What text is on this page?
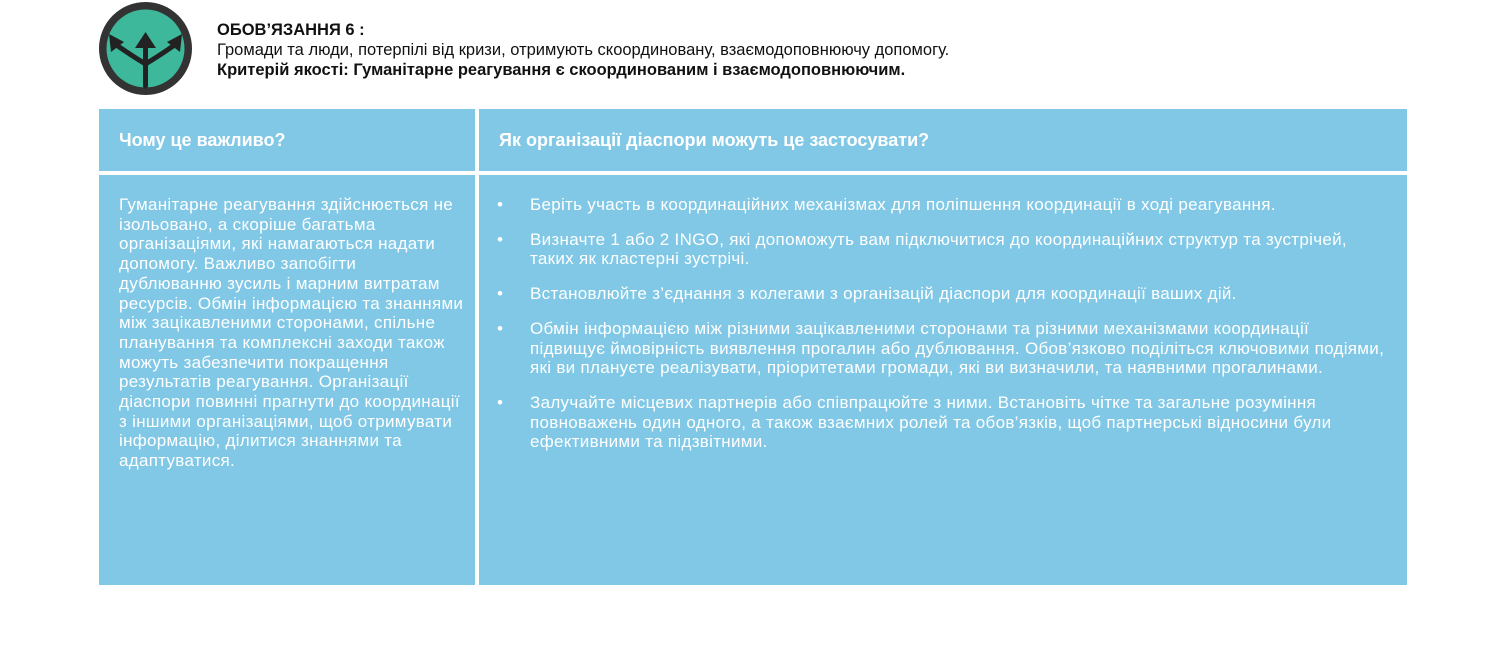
ОБОВ’ЯЗАННЯ 6 :
Громади та люди, потерпілі від кризи, отримують скоординовану, взаємодоповнюючу допомогу.
Критерій якості: Гуманітарне реагування є скоординованим і взаємодоповнюючим.
Чому це важливо?	Як організації діаспори можуть це застосувати?
Гуманітарне реагування здійснюється не ізольовано, а скоріше багатьма організаціями, які намагаються надати допомогу. Важливо запобігти дублюванню зусиль і марним витратам ресурсів. Обмін інформацією та знаннями між зацікавленими сторонами, спільне планування та комплексні заходи також можуть забезпечити покращення результатів реагування. Організації діаспори повинні прагнути до координації з іншими організаціями, щоб отримувати інформацію, ділитися знаннями та адаптуватися.
• Беріть участь в координаційних механізмах для поліпшення координації в ході реагування.
• Визначте 1 або 2 INGO, які допоможуть вам підключитися до координаційних структур та зустрічей, таких як кластерні зустрічі.
• Встановлюйте з’єднання з колегами з організацій діаспори для координації ваших дій.
• Обмін інформацією між різними зацікавленими сторонами та різними механізмами координації підвищує ймовірність виявлення прогалин або дублювання. Обов’язково поділіться ключовими подіями, які ви плануєте реалізувати, пріоритетами громади, які ви визначили, та наявними прогалинами.
• Залучайте місцевих партнерів або співпрацюйте з ними. Встановіть чітке та загальне розуміння повноважень один одного, а також взаємних ролей та обов’язків, щоб партнерські відносини були ефективними та підзвітними.
